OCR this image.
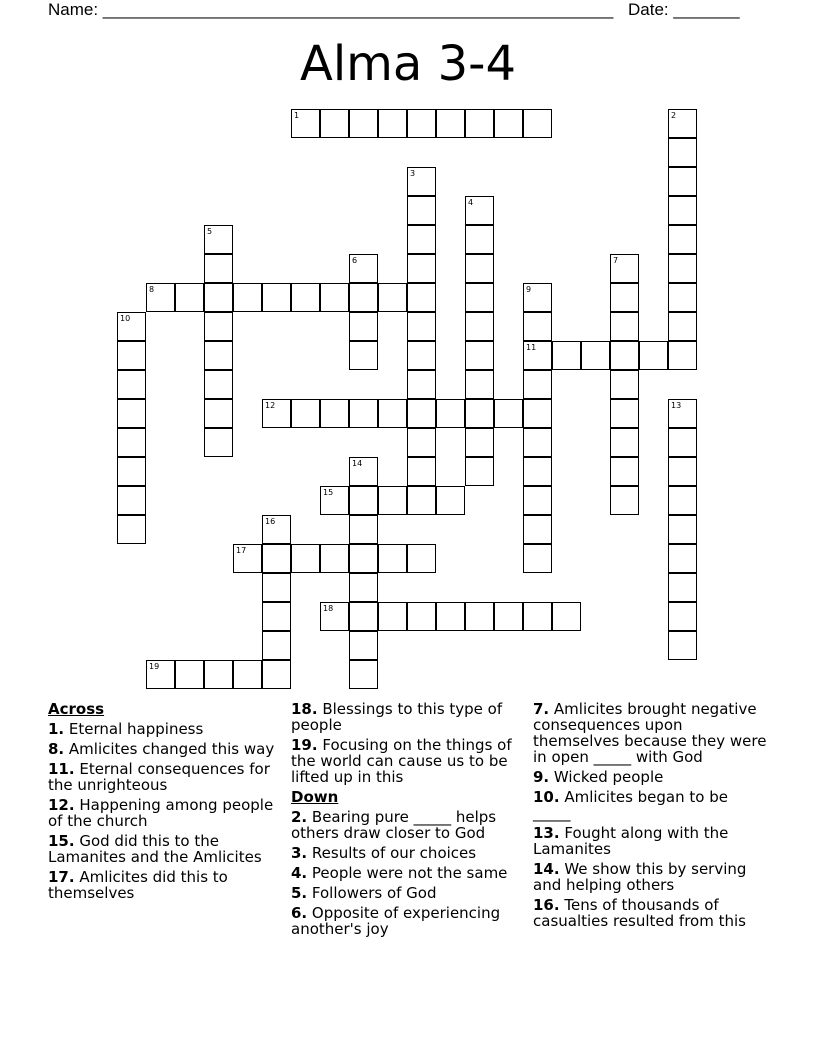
Name: ______________________________________________________ Date: _______
Alma 3-4
1	2
3
4
5
6	7
8	9
11
10
12	13
14
15
16
17
18
19
Across
1. Eternal happiness
8. Amlicites changed this way
11. Eternal consequences for the unrighteous
12. Happening among people of the church
15. God did this to the Lamanites and the Amlicites
17. Amlicites did this to themselves
18. Blessings to this type of people
19. Focusing on the things of the world can cause us to be lifted up in this
Down
2. Bearing pure _____ helps others draw closer to God
3. Results of our choices
4. People were not the same
5. Followers of God
6. Opposite of experiencing another's joy
7. Amlicites brought negative consequences upon themselves because they were in open _____ with God
9. Wicked people
10. Amlicites began to be _____
13. Fought along with the Lamanites
14. We show this by serving and helping others
16. Tens of thousands of casualties resulted from this
